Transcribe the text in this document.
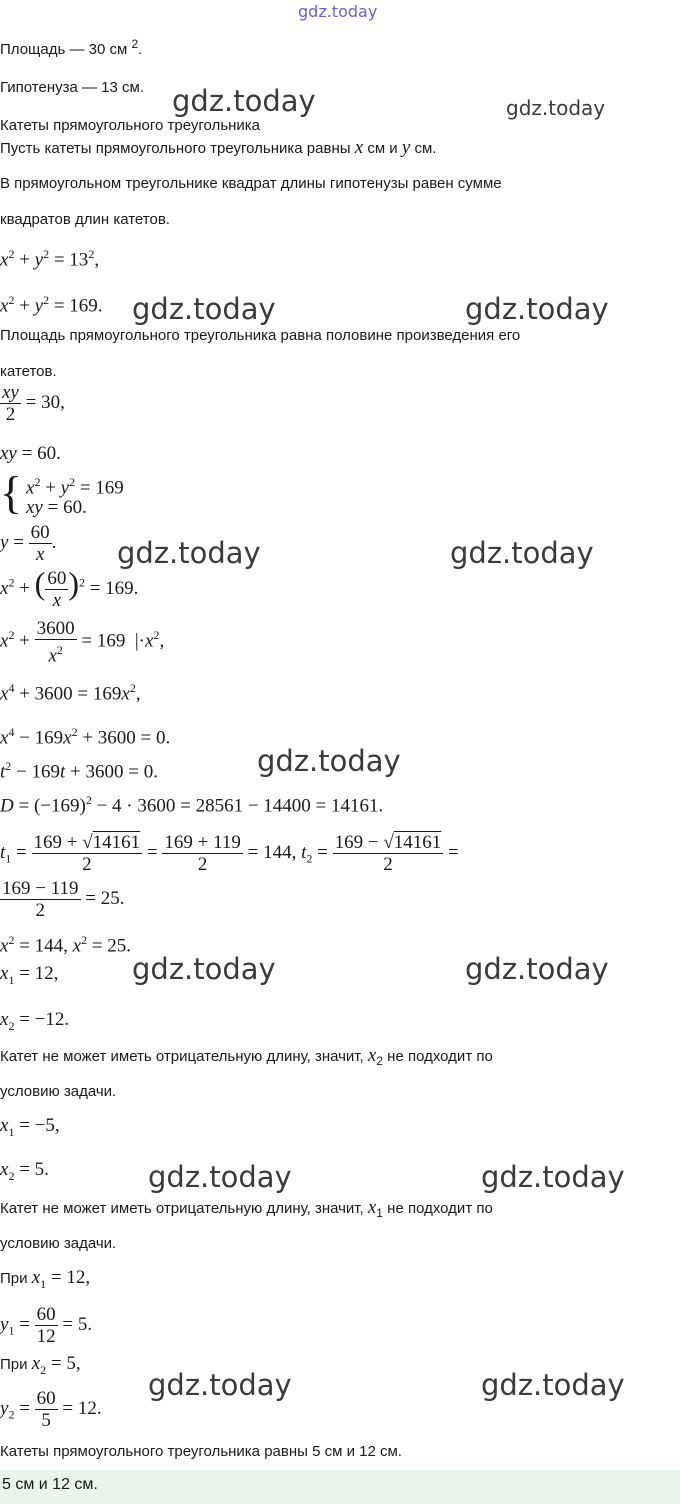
gdz.today
gdz.today	gdz.today
gdz.today	gdz.today
gdz.today	gdz.today
gdz.today
gdz.today	gdz.today
gdz.today	gdz.today
gdz.today	gdz.today
Площадь — 30 см $^2$.
Гипотенуза — 13 см.
Катеты прямоугольного треугольника
Пусть катеты прямоугольного треугольника равны x см и y см.
В прямоугольном треугольнике квадрат длины гипотенузы равен сумме
квадратов длин катетов.
$x^2 + y^2 = 13^2$,
$x^2 + y^2 = 169$.
Площадь прямоугольного треугольника равна половине произведения его
катетов.
$\frac{xy}{2} = 30$,
xy = 60.
{ $x^2 + y^2 = 169$
xy = 60.
$y = \frac{60}{x}$ .
$x^2$ + ( $\frac{60}{x} )^2 = 169$.
$x^2 + \frac{3600}{x^2} = 169$  $|\cdot x^2$,
$x^4 + 3600 = 169x^2$,
$x^4 - 169x^2 + 3600 = 0$.
$t^2 - 169t + 3600 = 0$.
$D = (-169)^2 - 4 \cdot 3600 = 28561 - 14400 = 14161$.
$t_1 = \frac{169 + √14161}{2} = \frac{169 + 119}{2} = 144$, $t_2 = \frac{169 - √14161}{2}$ =
$\frac{169 - 119}{2} = 25$.
$x^2 = 144$, $x^2 = 25$.
$x_1 = 12$,
$x_2 = -12$.
Катет не может иметь отрицательную длину, значит, $x_2$ не подходит по
условию задачи.
$x_1 = -5$,
$x_2 = 5$.
Катет не может иметь отрицательную длину, значит, $x_1$ не подходит по
условию задачи.
При $x_1 = 12$,
$y_1 = \frac{60}{12} = 5$.
При $x_2 = 5$,
$y_2 = \frac{60}{5} = 12$.
Катеты прямоугольного треугольника равны 5 см и 12 см.
5 см и 12 см.
